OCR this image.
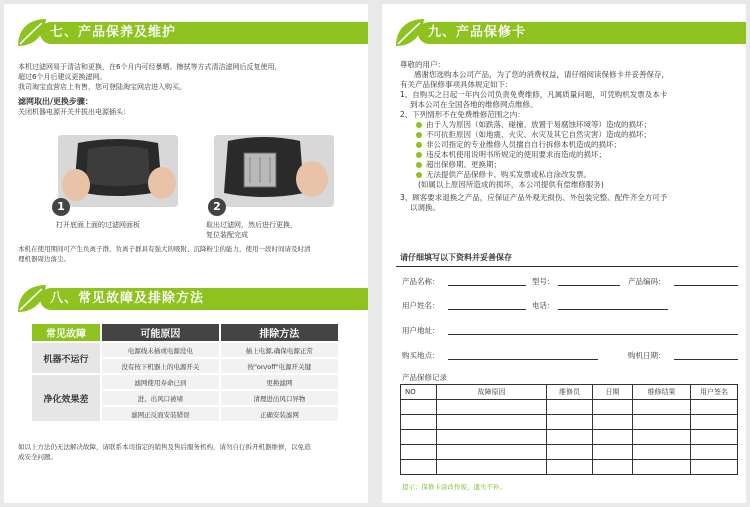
七、产品保养及维护
本机过滤网易于清洁和更换，在6个月内可经暴晒、擦拭等方式清洁滤网后反复使用，
超过6个月后建议更换滤网。
我司淘宝直营店上有售，您可登陆淘宝网店进入购买。
滤网取出/更换步骤：
关闭机器电源开关并拔出电源插头：
1	2
打开底面上面的过滤网面板	取出过滤网，然后进行更换，
复位装配完成
本机在使用期间可产生负离子群，负离子群具有强大的吸附、沉降粉尘的能力，使用一段时间请及时清
理机器周边落尘。
八、常见故障及排除方法
常见故障	可能原因	排除方法
机器不运行	电源线未插或电源没电	插上电源,确保电源正常
	没有按下机器上的电源开关	按"on/off"电源开关键
净化效果差	滤网使用寿命已到	更换滤网
	进、出风口被堵	清理进出风口异物
	滤网正反面安装错误	正确安装滤网
如以上方法仍无法解决故障，请联系本司指定的销售及售后服务机构，请勿自行拆开机器维修，以免造
成安全问题。
九、产品保修卡
尊敬的用户：
感谢您选购本公司产品，为了您的消费权益，请仔细阅读保修卡并妥善保存，
有关产品保修事项具体规定如下：
1、自购买之日起一年内公司负责免费维修，凡属质量问题，可凭购机发票及本卡
到本公司在全国各地的维修网点维修。
2、下列情形不在免费维修范围之内：
由于人为原因（如跌落、碰撞、放置于易腐蚀环境等）造成的损坏；
不可抗拒原因（如地震、火灾、水灾及其它自然灾害）造成的损坏；
非公司指定的专业维修人员擅自自行拆修本机造成的损坏；
违反本机使用说明书所规定的使用要求而造成的损坏；
超出保修期、更换期；
无法提供产品保修卡、购买发票或私自涂改发票。
(如属以上原因所造成的损坏，本公司提供有偿维修服务)
3、顾客要求退换之产品，应保证产品外观无损伤、外包装完整、配件齐全方可予
以调换。
请仔细填写以下资料并妥善保存
产品名称：	型号：	产品编码：
用户姓名：	电话：
用户地址：
购买地点：	购机日期：
产品保修记录
NO	故障原因	维修员	日期	维修结果	用户签名

提示：保修卡涂改作废，遗失不补。
